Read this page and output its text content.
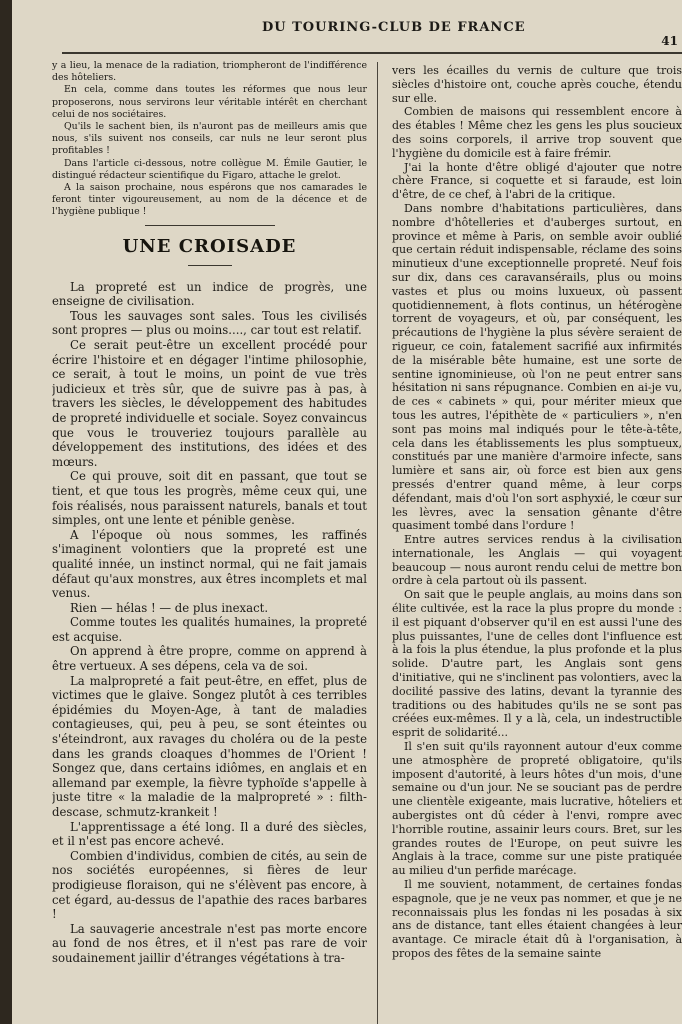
DU TOURING-CLUB DE FRANCE
41

y a lieu, la menace de la radiation, triompheront de l'indifférence des hôteliers.

En cela, comme dans toutes les réformes que nous leur proposerons, nous servirons leur véritable intérêt en cherchant celui de nos sociétaires.

Qu'ils le sachent bien, ils n'auront pas de meilleurs amis que nous, s'ils suivent nos conseils, car nuls ne leur seront plus profitables !

Dans l'article ci-dessous, notre collègue M. Émile Gautier, le distingué rédacteur scientifique du Figaro, attache le grelot.

A la saison prochaine, nous espérons que nos camarades le feront tinter vigoureusement, au nom de la décence et de l'hygiène publique !

UNE CROISADE

La propreté est un indice de progrès, une enseigne de civilisation.

Tous les sauvages sont sales. Tous les civilisés sont propres — plus ou moins...., car tout est relatif.

Ce serait peut-être un excellent procédé pour écrire l'histoire et en dégager l'intime philosophie, ce serait, à tout le moins, un point de vue très judicieux et très sûr, que de suivre pas à pas, à travers les siècles, le développement des habitudes de propreté individuelle et sociale. Soyez convaincus que vous le trouveriez toujours parallèle au développement des institutions, des idées et des mœurs.

Ce qui prouve, soit dit en passant, que tout se tient, et que tous les progrès, même ceux qui, une fois réalisés, nous paraissent naturels, banals et tout simples, ont une lente et pénible genèse.

A l'époque où nous sommes, les raffinés s'imaginent volontiers que la propreté est une qualité innée, un instinct normal, qui ne fait jamais défaut qu'aux monstres, aux êtres incomplets et mal venus.

Rien — hélas ! — de plus inexact.

Comme toutes les qualités humaines, la propreté est acquise.

On apprend à être propre, comme on apprend à être vertueux. A ses dépens, cela va de soi.

La malpropreté a fait peut-être, en effet, plus de victimes que le glaive. Songez plutôt à ces terribles épidémies du Moyen-Age, à tant de maladies contagieuses, qui, peu à peu, se sont éteintes ou s'éteindront, aux ravages du choléra ou de la peste dans les grands cloaques d'hommes de l'Orient ! Songez que, dans certains idiômes, en anglais et en allemand par exemple, la fièvre typhoïde s'appelle à juste titre « la maladie de la malpropreté » : filth-descase, schmutz-krankeit !

L'apprentissage a été long. Il a duré des siècles, et il n'est pas encore achevé.

Combien d'individus, combien de cités, au sein de nos sociétés européennes, si fières de leur prodigieuse floraison, qui ne s'élèvent pas encore, à cet égard, au-dessus de l'apathie des races barbares !

La sauvagerie ancestrale n'est pas morte encore au fond de nos êtres, et il n'est pas rare de voir soudainement jaillir d'étranges végétations à tra-

vers les écailles du vernis de culture que trois siècles d'histoire ont, couche après couche, étendu sur elle.

Combien de maisons qui ressemblent encore à des étables ! Même chez les gens les plus soucieux des soins corporels, il arrive trop souvent que l'hygiène du domicile est à faire frémir.

J'ai la honte d'être obligé d'ajouter que notre chère France, si coquette et si faraude, est loin d'être, de ce chef, à l'abri de la critique.

Dans nombre d'habitations particulières, dans nombre d'hôtelleries et d'auberges surtout, en province et même à Paris, on semble avoir oublié que certain réduit indispensable, réclame des soins minutieux d'une exceptionnelle propreté. Neuf fois sur dix, dans ces caravansérails, plus ou moins vastes et plus ou moins luxueux, où passent quotidiennement, à flots continus, un hétérogène torrent de voyageurs, et où, par conséquent, les précautions de l'hygiène la plus sévère seraient de rigueur, ce coin, fatalement sacrifié aux infirmités de la misérable bête humaine, est une sorte de sentine ignominieuse, où l'on ne peut entrer sans hésitation ni sans répugnance. Combien en ai-je vu, de ces « cabinets » qui, pour mériter mieux que tous les autres, l'épithète de « particuliers », n'en sont pas moins mal indiqués pour le tête-à-tête, cela dans les établissements les plus somptueux, constitués par une manière d'armoire infecte, sans lumière et sans air, où force est bien aux gens pressés d'entrer quand même, à leur corps défendant, mais d'où l'on sort asphyxié, le cœur sur les lèvres, avec la sensation gênante d'être quasiment tombé dans l'ordure !

Entre autres services rendus à la civilisation internationale, les Anglais — qui voyagent beaucoup — nous auront rendu celui de mettre bon ordre à cela partout où ils passent.

On sait que le peuple anglais, au moins dans son élite cultivée, est la race la plus propre du monde : il est piquant d'observer qu'il en est aussi l'une des plus puissantes, l'une de celles dont l'influence est à la fois la plus étendue, la plus profonde et la plus solide. D'autre part, les Anglais sont gens d'initiative, qui ne s'inclinent pas volontiers, avec la docilité passive des latins, devant la tyrannie des traditions ou des habitudes qu'ils ne se sont pas créées eux-mêmes. Il y a là, cela, un indestructible esprit de solidarité...

Il s'en suit qu'ils rayonnent autour d'eux comme une atmosphère de propreté obligatoire, qu'ils imposent d'autorité, à leurs hôtes d'un mois, d'une semaine ou d'un jour. Ne se souciant pas de perdre une clientèle exigeante, mais lucrative, hôteliers et aubergistes ont dû céder à l'envi, rompre avec l'horrible routine, assainir leurs cours. Bret, sur les grandes routes de l'Europe, on peut suivre les Anglais à la trace, comme sur une piste pratiquée au milieu d'un perfide marécage.

Il me souvient, notamment, de certaines fondas espagnole, que je ne veux pas nommer, et que je ne reconnaissais plus les fondas ni les posadas à six ans de distance, tant elles étaient changées à leur avantage. Ce miracle était dû à l'organisation, à propos des fêtes de la semaine sainte
